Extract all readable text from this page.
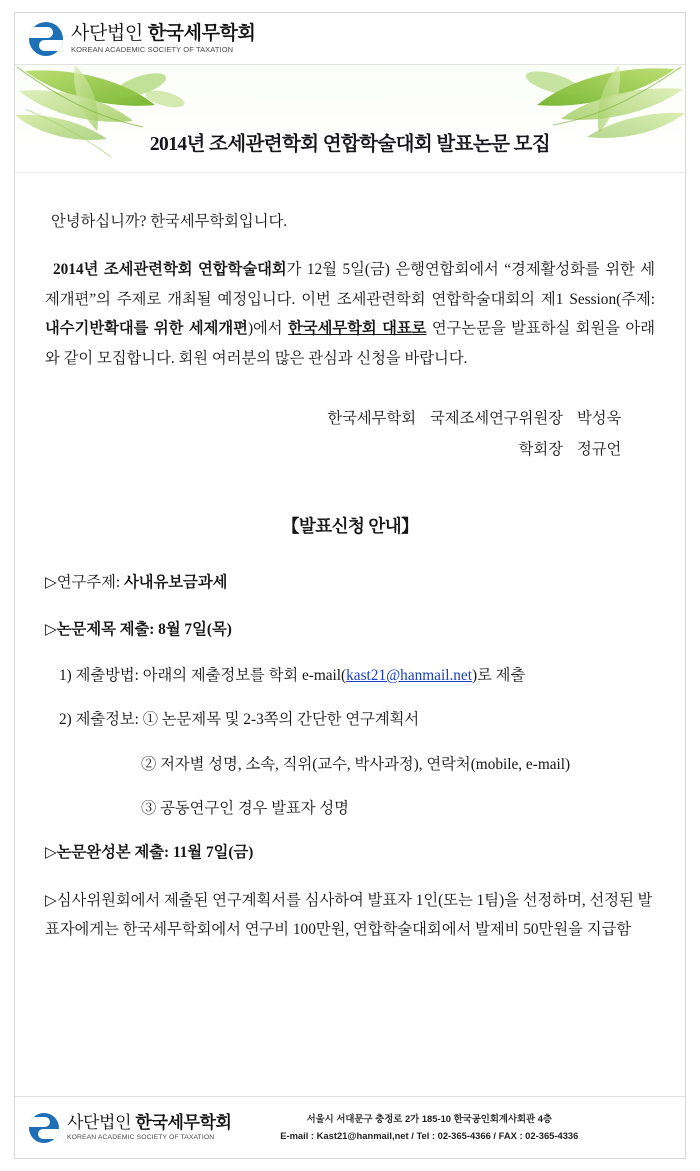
사단법인 한국세무학회
KOREAN ACADEMIC SOCIETY OF TAXATION
2014년 조세관련학회 연합학술대회 발표논문 모집

안녕하십니까? 한국세무학회입니다.

2014년 조세관련학회 연합학술대회가 12월 5일(금) 은행연합회에서 “경제활성화를 위한 세제개편”의 주제로 개최될 예정입니다. 이번 조세관련학회 연합학술대회의 제1 Session(주제: 내수기반확대를 위한 세제개편)에서 한국세무학회 대표로 연구논문을 발표하실 회원을 아래와 같이 모집합니다. 회원 여러분의 많은 관심과 신청을 바랍니다.

한국세무학회 국제조세연구위원장 박성욱
학회장 정규언
【발표신청 안내】

▷연구주제: 사내유보금과세

▷논문제목 제출: 8월 7일(목)

1) 제출방법: 아래의 제출정보를 학회 e-mail(kast21@hanmail.net)로 제출

2) 제출정보: ① 논문제목 및 2-3쪽의 간단한 연구계획서

② 저자별 성명, 소속, 직위(교수, 박사과정), 연락처(mobile, e-mail)

③ 공동연구인 경우 발표자 성명

▷논문완성본 제출: 11월 7일(금)

▷심사위원회에서 제출된 연구계획서를 심사하여 발표자 1인(또는 1팀)을 선정하며, 선정된 발표자에게는 한국세무학회에서 연구비 100만원, 연합학술대회에서 발제비 50만원을 지급함

사단법인 한국세무학회
KOREAN ACADEMIC SOCIETY OF TAXATION
서울시 서대문구 충정로 2가 185-10 한국공인회계사회관 4층
E-mail : Kast21@hanmail,net / Tel : 02-365-4366 / FAX : 02-365-4336
